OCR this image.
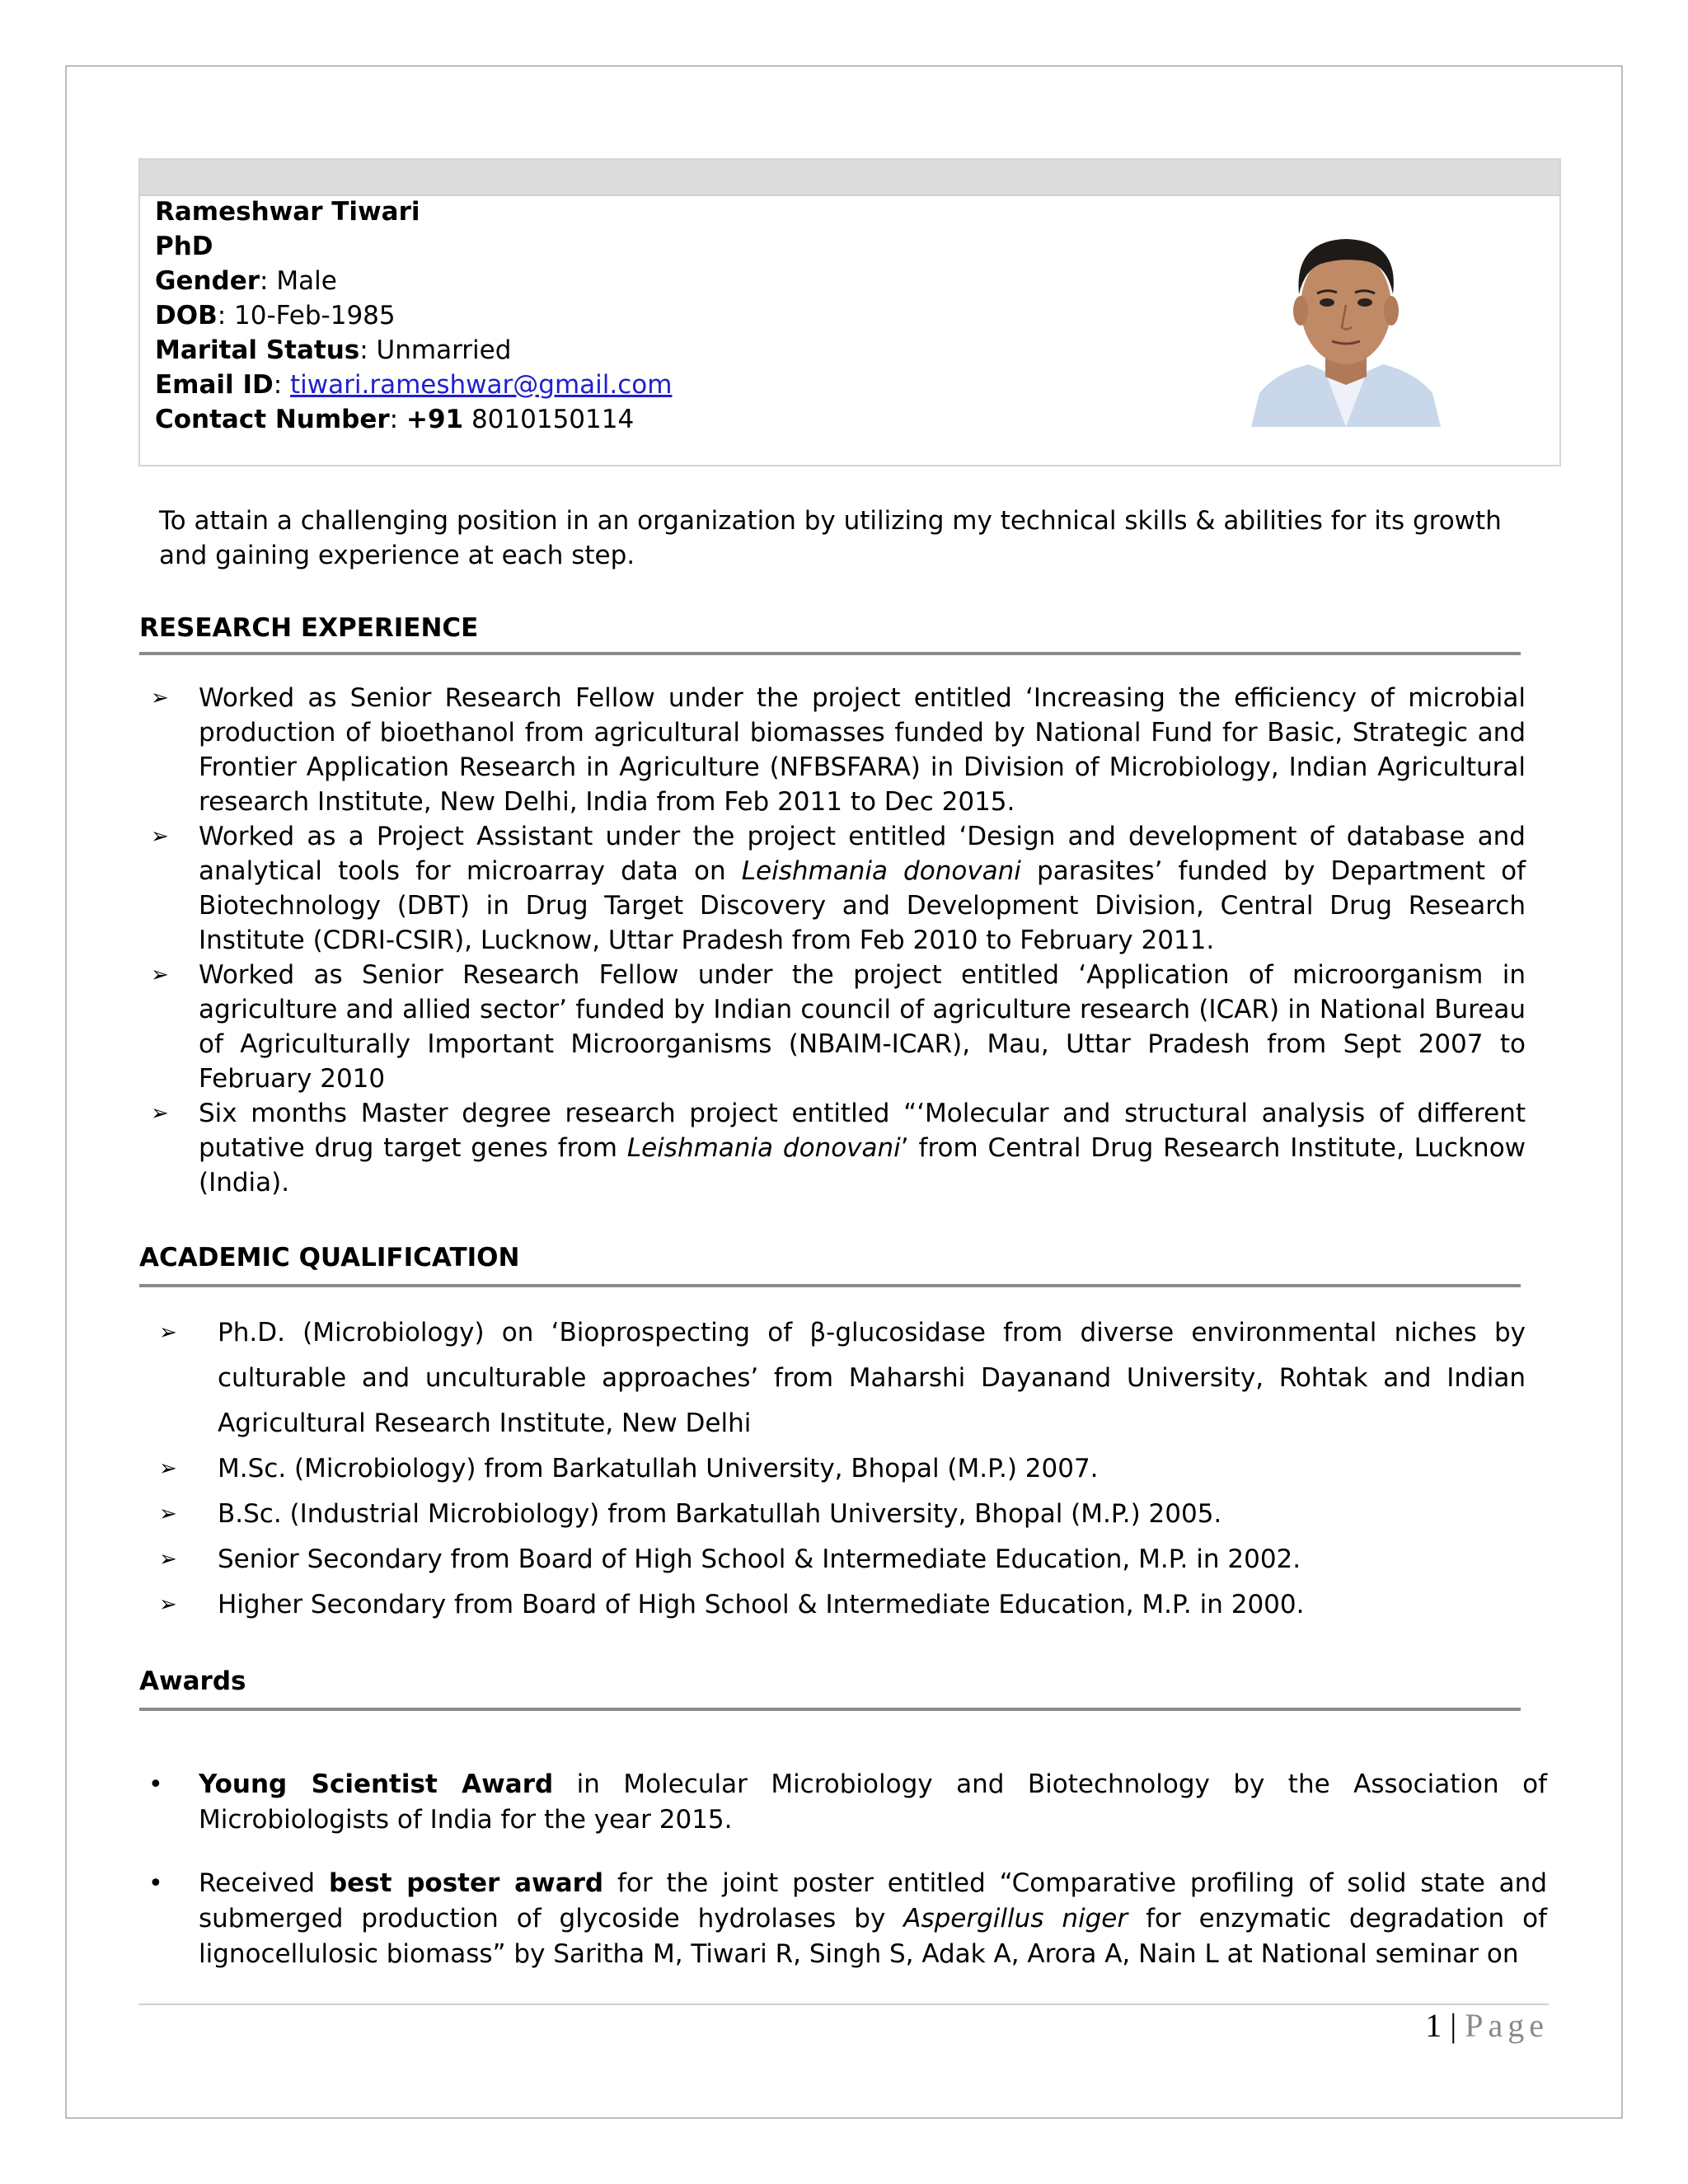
Rameshwar Tiwari
PhD
Gender: Male
DOB: 10-Feb-1985
Marital Status: Unmarried
Email ID: tiwari.rameshwar@gmail.com
Contact Number: +91 8010150114
To attain a challenging position in an organization by utilizing my technical skills & abilities for its growth and gaining experience at each step.
RESEARCH EXPERIENCE
➢ Worked as Senior Research Fellow under the project entitled ‘Increasing the efficiency of microbial production of bioethanol from agricultural biomasses funded by National Fund for Basic, Strategic and Frontier Application Research in Agriculture (NFBSFARA) in Division of Microbiology, Indian Agricultural research Institute, New Delhi, India from Feb 2011 to Dec 2015.
➢ Worked as a Project Assistant under the project entitled ‘Design and development of database and analytical tools for microarray data on Leishmania donovani parasites’ funded by Department of Biotechnology (DBT) in Drug Target Discovery and Development Division, Central Drug Research Institute (CDRI-CSIR), Lucknow, Uttar Pradesh from Feb 2010 to February 2011.
➢ Worked as Senior Research Fellow under the project entitled ‘Application of microorganism in agriculture and allied sector’ funded by Indian council of agriculture research (ICAR) in National Bureau of Agriculturally Important Microorganisms (NBAIM-ICAR), Mau, Uttar Pradesh from Sept 2007 to February 2010
➢ Six months Master degree research project entitled “‘Molecular and structural analysis of different putative drug target genes from Leishmania donovani’ from Central Drug Research Institute, Lucknow (India).
ACADEMIC QUALIFICATION
➢ Ph.D. (Microbiology) on ‘Bioprospecting of β-glucosidase from diverse environmental niches by culturable and unculturable approaches’ from Maharshi Dayanand University, Rohtak and Indian Agricultural Research Institute, New Delhi
➢ M.Sc. (Microbiology) from Barkatullah University, Bhopal (M.P.) 2007.
➢ B.Sc. (Industrial Microbiology) from Barkatullah University, Bhopal (M.P.) 2005.
➢ Senior Secondary from Board of High School & Intermediate Education, M.P. in 2002.
➢ Higher Secondary from Board of High School & Intermediate Education, M.P. in 2000.
Awards
• Young Scientist Award in Molecular Microbiology and Biotechnology by the Association of Microbiologists of India for the year 2015.
• Received best poster award for the joint poster entitled “Comparative profiling of solid state and submerged production of glycoside hydrolases by Aspergillus niger for enzymatic degradation of lignocellulosic biomass” by Saritha M, Tiwari R, Singh S, Adak A, Arora A, Nain L at National seminar on
1 | Page
